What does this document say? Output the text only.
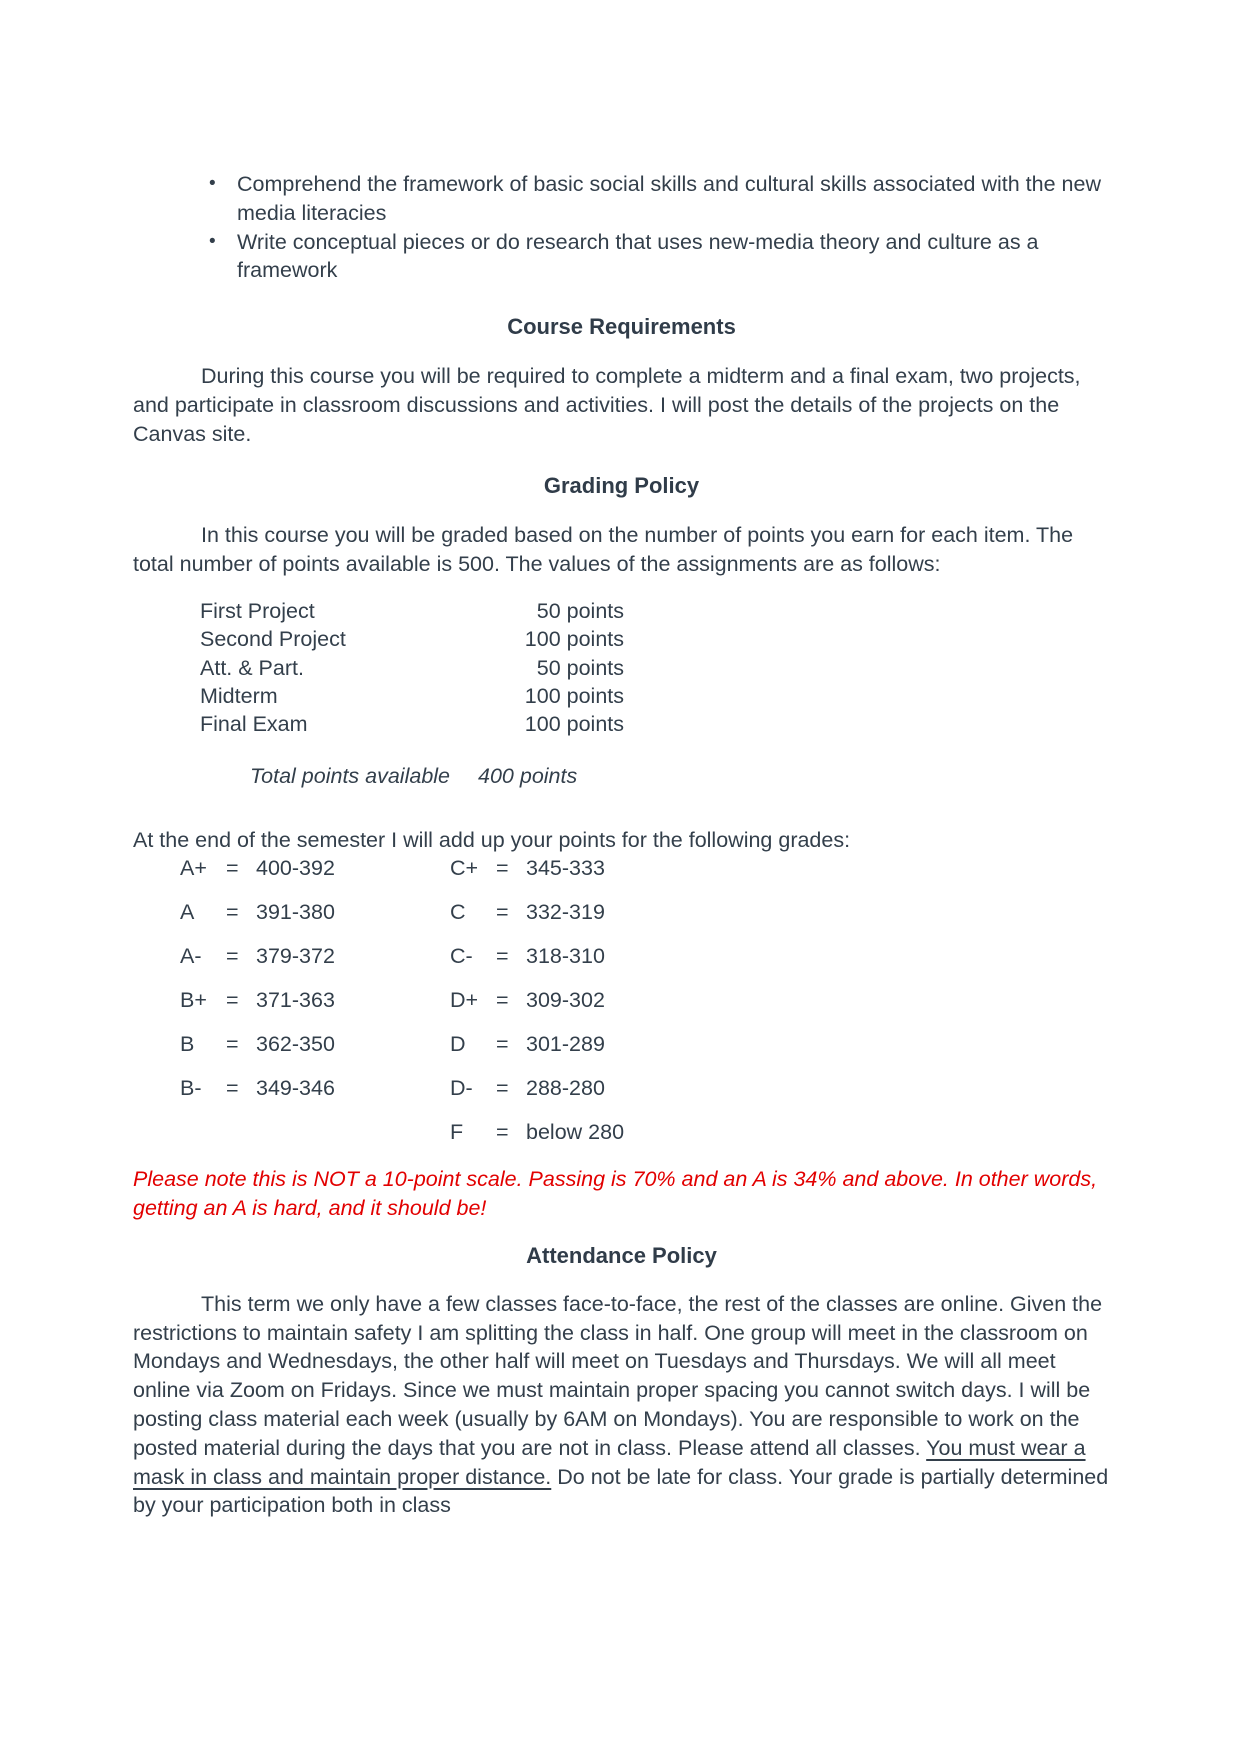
• Comprehend the framework of basic social skills and cultural skills associated with the new media literacies
• Write conceptual pieces or do research that uses new-media theory and culture as a framework
Course Requirements

During this course you will be required to complete a midterm and a final exam, two projects, and participate in classroom discussions and activities. I will post the details of the projects on the Canvas site.

Grading Policy

In this course you will be graded based on the number of points you earn for each item. The total number of points available is 500. The values of the assignments are as follows:

First Project	50 points
Second Project	100 points
Att. & Part.	50 points
Midterm	100 points
Final Exam	100 points
Total points available 400 points

At the end of the semester I will add up your points for the following grades:

A+ = 400-392	C+ = 345-333
A	= 391-380	C	= 332-319
A-	= 379-372	C-	= 318-310
B+ = 371-363	D+ = 309-302
B	= 362-350	D	= 301-289
B-	= 349-346	D-	= 288-280
F	= below 280

Please note this is NOT a 10-point scale. Passing is 70% and an A is 34% and above. In other words, getting an A is hard, and it should be!

Attendance Policy

This term we only have a few classes face-to-face, the rest of the classes are online. Given the restrictions to maintain safety I am splitting the class in half. One group will meet in the classroom on Mondays and Wednesdays, the other half will meet on Tuesdays and Thursdays. We will all meet online via Zoom on Fridays. Since we must maintain proper spacing you cannot switch days. I will be posting class material each week (usually by 6AM on Mondays). You are responsible to work on the posted material during the days that you are not in class. Please attend all classes. You must wear a mask in class and maintain proper distance. Do not be late for class. Your grade is partially determined by your participation both in class
